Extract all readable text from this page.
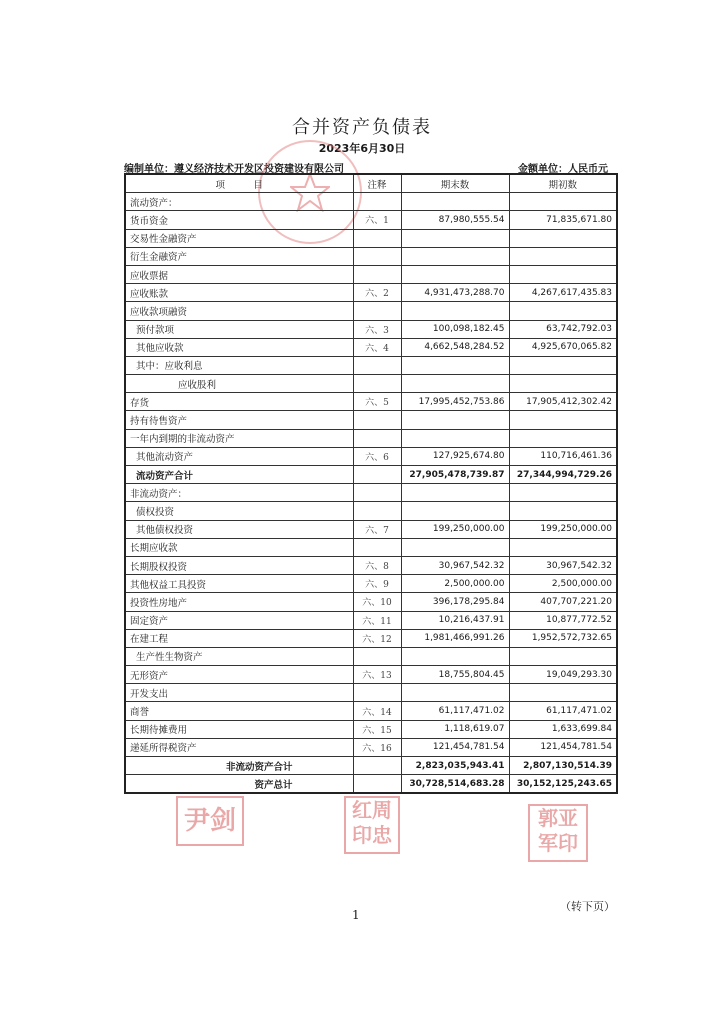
合并资产负债表
2023年6月30日
编制单位：遵义经济技术开发区投资建设有限公司	金额单位：人民币元
项　　　目	注释	期末数	期初数
流动资产：			
货币资金	六、1	87,980,555.54	71,835,671.80
交易性金融资产			
衍生金融资产			
应收票据			
应收账款	六、2	4,931,473,288.70	4,267,617,435.83
应收款项融资			
预付款项	六、3	100,098,182.45	63,742,792.03
其他应收款	六、4	4,662,548,284.52	4,925,670,065.82
其中：应收利息			
应收股利			
存货	六、5	17,995,452,753.86	17,905,412,302.42
持有待售资产			
一年内到期的非流动资产			
其他流动资产	六、6	127,925,674.80	110,716,461.36
流动资产合计		27,905,478,739.87	27,344,994,729.26
非流动资产：			
债权投资			
其他债权投资	六、7	199,250,000.00	199,250,000.00
长期应收款			
长期股权投资	六、8	30,967,542.32	30,967,542.32
其他权益工具投资	六、9	2,500,000.00	2,500,000.00
投资性房地产	六、10	396,178,295.84	407,707,221.20
固定资产	六、11	10,216,437.91	10,877,772.52
在建工程	六、12	1,981,466,991.26	1,952,572,732.65
生产性生物资产			
无形资产	六、13	18,755,804.45	19,049,293.30
开发支出			
商誉	六、14	61,117,471.02	61,117,471.02
长期待摊费用	六、15	1,118,619.07	1,633,699.84
递延所得税资产	六、16	121,454,781.54	121,454,781.54
非流动资产合计		2,823,035,943.41	2,807,130,514.39
资产总计		30,728,514,683.28	30,152,125,243.65
尹剑	红周印忠
郭亚军印
1
（转下页）
